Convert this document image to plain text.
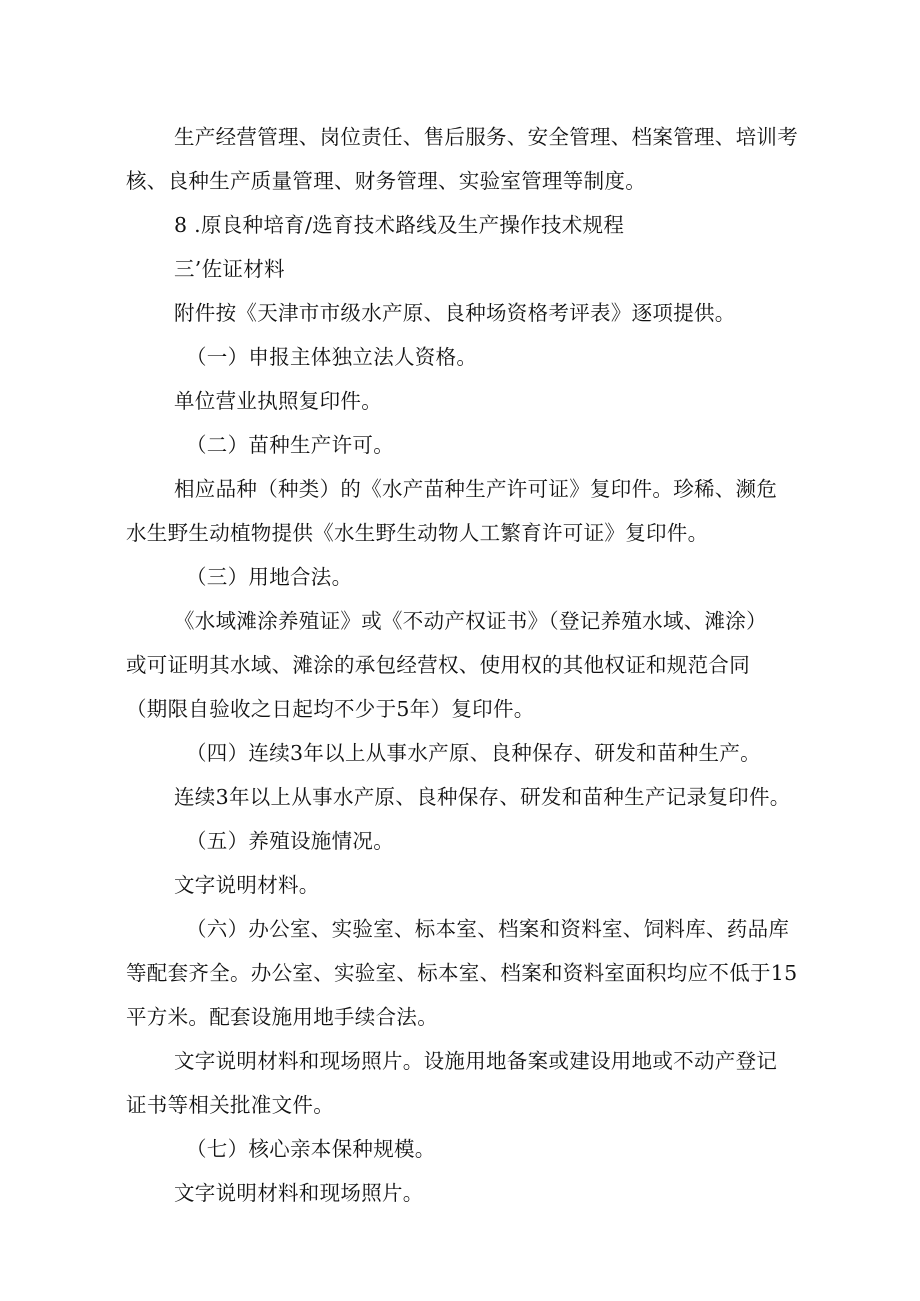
生产经营管理、岗位责任、售后服务、安全管理、档案管理、培训考
核、良种生产质量管理、财务管理、实验室管理等制度。
8 .原良种培育/选育技术路线及生产操作技术规程
三’佐证材料
附件按《天津市市级水产原、良种场资格考评表》逐项提供。
（一）申报主体独立法人资格。
单位营业执照复印件。
（二）苗种生产许可。
相应品种（种类）的《水产苗种生产许可证》复印件。珍稀、濒危
水生野生动植物提供《水生野生动物人工繁育许可证》复印件。
（三）用地合法。
《水域滩涂养殖证》或《不动产权证书》（登记养殖水域、滩涂）
或可证明其水域、滩涂的承包经营权、使用权的其他权证和规范合同
（期限自验收之日起均不少于5年）复印件。
（四）连续3年以上从事水产原、良种保存、研发和苗种生产。
连续3年以上从事水产原、良种保存、研发和苗种生产记录复印件。
（五）养殖设施情况。
文字说明材料。
（六）办公室、实验室、标本室、档案和资料室、饲料库、药品库
等配套齐全。办公室、实验室、标本室、档案和资料室面积均应不低于15
平方米。配套设施用地手续合法。
文字说明材料和现场照片。设施用地备案或建设用地或不动产登记
证书等相关批准文件。
（七）核心亲本保种规模。
文字说明材料和现场照片。
